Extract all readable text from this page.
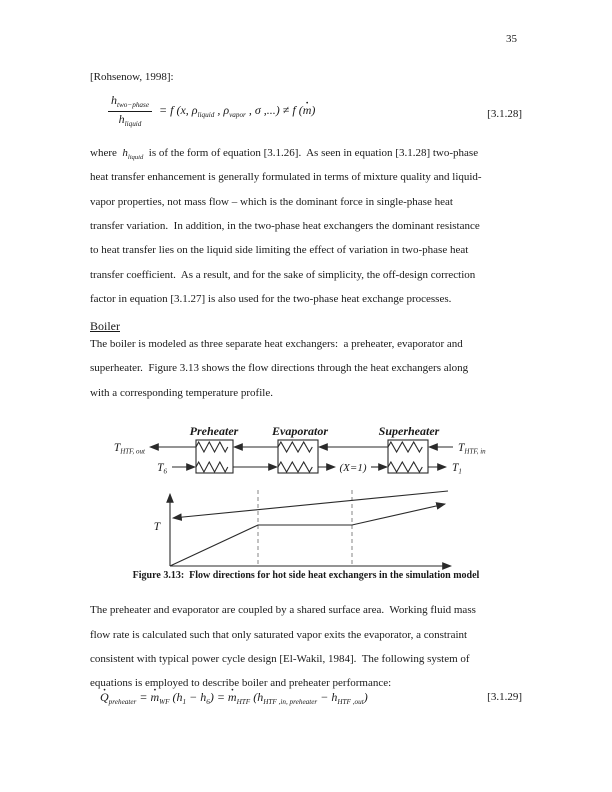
35
[Rohsenow, 1998]:
$\frac{h_{two-phase}}{h_{liquid}} = f$ (x, $\rho_{liquid}$ , $\rho_{vapor}$ , σ ,...) ≠ f (m ·)	[3.1.28]
where  $h_{liquid}$  is of the form of equation [3.1.26].  As seen in equation [3.1.28] two-phase
heat transfer enhancement is generally formulated in terms of mixture quality and liquid-
vapor properties, not mass flow – which is the dominant force in single-phase heat
transfer variation.  In addition, in the two-phase heat exchangers the dominant resistance
to heat transfer lies on the liquid side limiting the effect of variation in two-phase heat
transfer coefficient.  As a result, and for the sake of simplicity, the off-design correction
factor in equation [3.1.27] is also used for the two-phase heat exchange processes.
Boiler
The boiler is modeled as three separate heat exchangers:  a preheater, evaporator and
superheater.  Figure 3.13 shows the flow directions through the heat exchangers along
with a corresponding temperature profile.
Preheater	Evaporator	Superheater
$T_{HTF, out}$
$T_6$
$T_{HTF, in}$
$T_1$
(X=1)
T
Figure 3.13:  Flow directions for hot side heat exchangers in the simulation model
The preheater and evaporator are coupled by a shared surface area.  Working fluid mass
flow rate is calculated such that only saturated vapor exits the evaporator, a constraint
consistent with typical power cycle design [El-Wakil, 1984].  The following system of
equations is employed to describe boiler and preheater performance:
$Q \cdot_{preheater} = m \cdot_{WF}$ $(h_1 - h_6) = m \cdot_{HTF}$ $(h_{HTF ,in, preheater} - h_{HTF ,out})$	[3.1.29]
